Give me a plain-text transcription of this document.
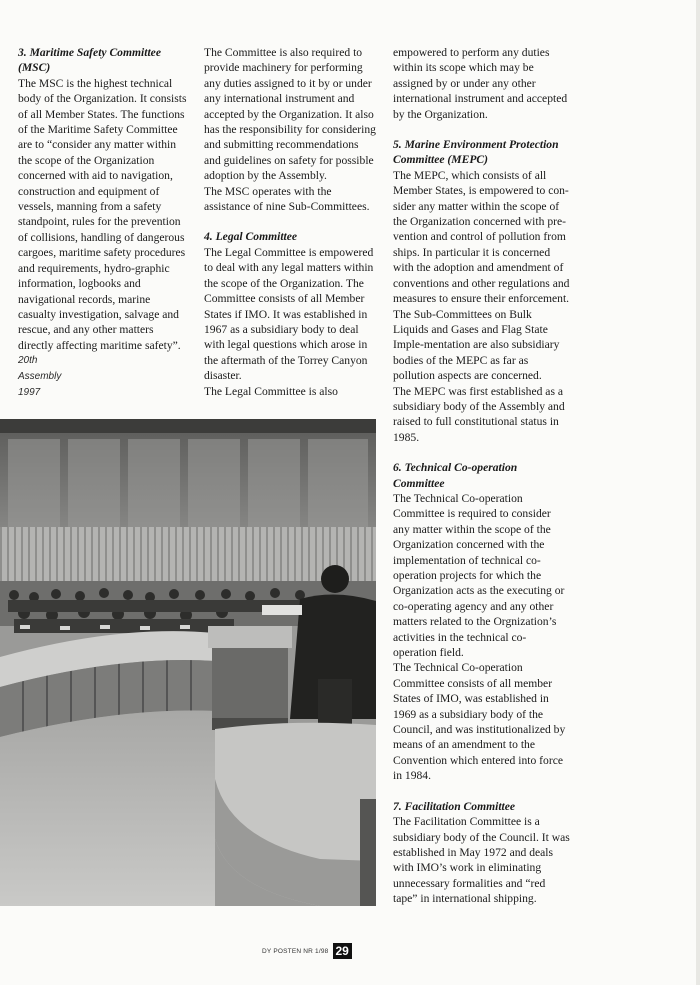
3. Maritime Safety Committee (MSC)

The MSC is the highest technical body of the Organization. It consists of all Member States. The functions of the Maritime Safety Committee are to “consider any matter within the scope of the Organization concerned with aid to navigation, construction and equipment of vessels, manning from a safety standpoint, rules for the prevention of collisions, handling of dangerous cargoes, maritime safety procedures and requirements, hydro-graphic information, logbooks and navigational records, marine casualty investigation, salvage and rescue, and any other matters directly affecting maritime safety”.

20th
Assembly
1997

The Committee is also required to provide machinery for performing any duties assigned to it by or under any international instrument and accepted by the Organization. It also has the responsibility for considering and submitting recommendations and guidelines on safety for possible adoption by the Assembly.

The MSC operates with the assistance of nine Sub-Committees.

4. Legal Committee

The Legal Committee is empowered to deal with any legal matters within the scope of the Organization. The Committee consists of all Member States if IMO. It was established in 1967 as a subsidiary body to deal with legal questions which arose in the aftermath of the Torrey Canyon disaster.

The Legal Committee is also

empowered to perform any duties within its scope which may be assigned by or under any other international instrument and accepted by the Organization.

5. Marine Environment Protection Committee (MEPC)

The MEPC, which consists of all Member States, is empowered to con-sider any matter within the scope of the Organization concerned with pre-vention and control of pollution from ships. In particular it is concerned with the adoption and amendment of conventions and other regulations and measures to ensure their enforcement. The Sub-Committees on Bulk Liquids and Gases and Flag State Imple-mentation are also subsidiary bodies of the MEPC as far as pollution aspects are concerned.

The MEPC was first established as a subsidiary body of the Assembly and raised to full constitutional status in 1985.

6. Technical Co-operation Committee

The Technical Co-operation Committee is required to consider any matter within the scope of the Organization concerned with the implementation of technical co-operation projects for which the Organization acts as the executing or co-operating agency and any other matters related to the Orgnization’s activities in the technical co-operation field.

The Technical Co-operation Committee consists of all member States of IMO, was established in 1969 as a subsidiary body of the Council, and was institutionalized by means of an amendment to the Convention which entered into force in 1984.

7. Facilitation Committee

The Facilitation Committee is a subsidiary body of the Council. It was established in May 1972 and deals with IMO’s work in eliminating unnecessary formalities and “red tape” in international shipping.

DY POSTEN NR 1/98 29
